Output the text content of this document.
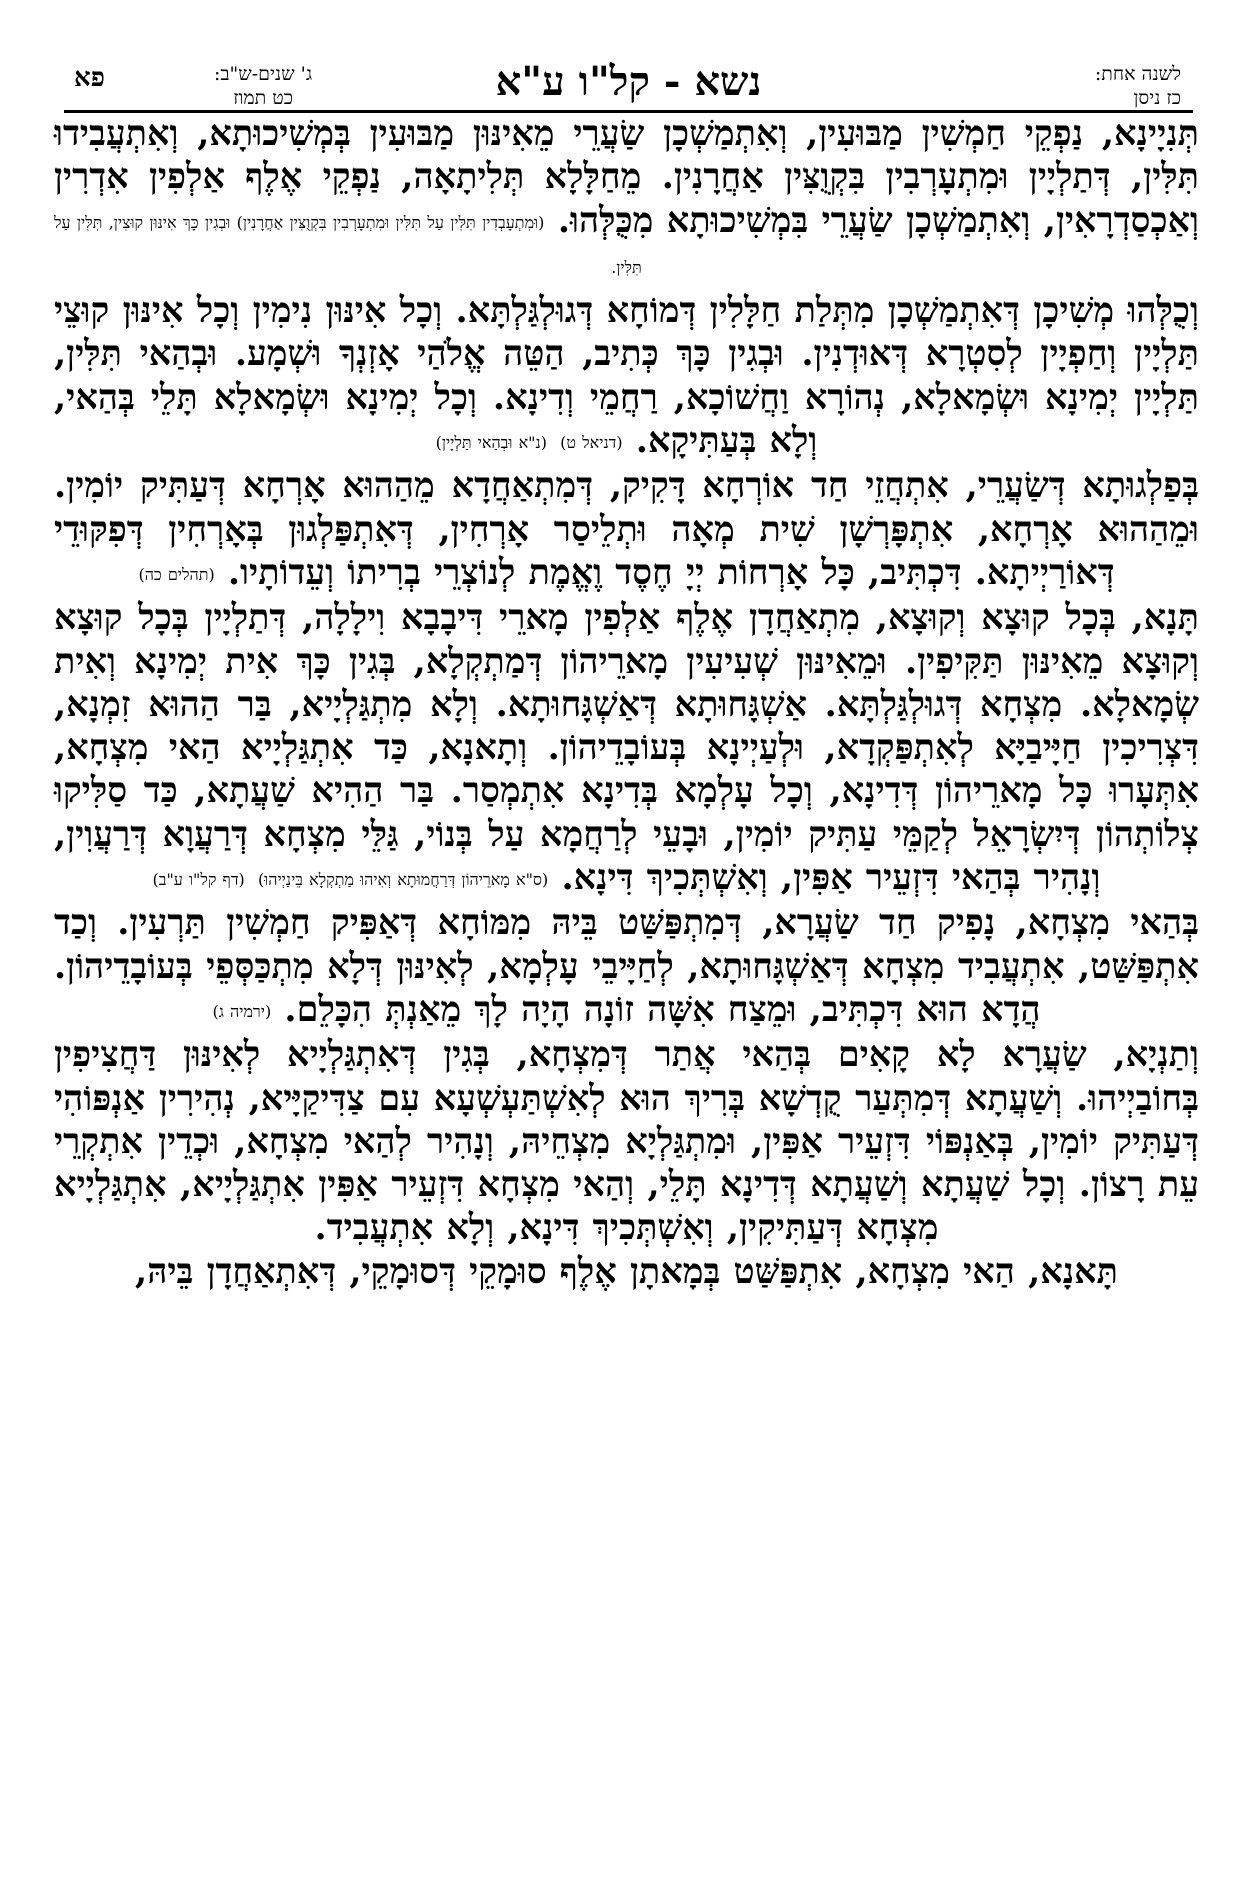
לשנה אחת:
כז ניסן
נשא - קל"ו ע"א
ג' שנים-ש"ב:
כט תמוז
פא

תְּנִיָינָא, נַפְקֵי חַמְשִׁין מַבּוּעִין, וְאִתְמַשְׁכָן שַׂעֲרֵי מֵאִינּוּן מַבּוּעִין בְּמְשִׁיכוּתָא, וְאִתְעֲבִידוּ תִּלִּין, דְּתַלְיָין וּמִתְעָרְבִין בִּקְוֻצִּין אַחֲרָנִין. מֵחַלָּלָא תְּלִיתָאָה, נַפְקֵי אֶלֶף אַלְפִין אִדְרִין וְאַכְסַדְרָאִין, וְאִתְמַשְׁכָן שַׂעֲרֵי בִּמְשִׁיכוּתָא מִכֻּלְּהוּ. (וּמִתְעָבְדִין תִּלִּין עַל תִּלִּין וּמִתְעָרְבִין בִּקְוֻצִּין אַחֲרָנִין) וּבְגִין כָּךְ אִינּוּן קוּצִין, תִּלִּין עַל תִּלִּין.

וְכֻלְּהוּ מְשִׁיכָן דְּאִתְמַשְׁכָן מִתְּלַת חַלָּלִין דְּמוֹחָא דְּגוּלְגַּלְתָּא. וְכָל אִינּוּן נִימִין וְכָל אִינּוּן קוּצֵי תַּלְיָין וְחַפְיָין לְסִטְרָא דְּאוּדְנִין. וּבְגִין כָּךְ כְּתִיב, הַטֵּה אֱלֹהַי אָזְנְךָ וּשְׁמָע. וּבְהַאי תִּלִּין, תַּלְיָין יְמִינָא וּשְׂמָאלָא, נְהוֹרָא וַחֲשׁוֹכָא, רַחֲמֵי וְדִינָא. וְכָל יְמִינָא וּשְׂמָאלָא תָּלֵי בְּהַאי, וְלָא בְּעַתִּיקָא. (דניאל ט) (נ"א וּבְהַאי תַּלְיָין)

בְּפַלְגוּתָא דְּשַׂעֲרֵי, אִתְחֲזֵי חַד אוֹרְחָא דָּקִיק, דְּמִתְאַחֲדָא מֵהַהוּא אָרְחָא דְּעַתִּיק יוֹמִין. וּמֵהַהוּא אָרְחָא, אִתְפָּרְשָׁן שִׁית מְאָה וּתְלֵיסַר אָרְחִין, דְּאִתְפַּלְגוּן בְּאָרְחִין דְּפִקּוּדֵי דְּאוֹרַיְיתָא. דִּכְתִּיב, כָּל אָרְחוֹת יְיָ חֶסֶד וֶאֱמֶת לְנוֹצְרֵי בְרִיתוֹ וְעֵדוֹתָיו. (תהלים כה)

תָּנָא, בְּכָל קוּצָא וְקוּצָא, מִתְאַחֲדָן אֶלֶף אַלְפִין מָארֵי דִּיבָבָא וִילָלָה, דְּתַלְיָין בְּכָל קוּצָא וְקוּצָא מֵאִינּוּן תַּקִּיפִין. וּמֵאִינּוּן שְׁעִיעִין מָארֵיהוֹן דְּמַתְקְלָא, בְּגִין כָּךְ אִית יְמִינָא וְאִית שְׂמָאלָא. מִצְחָא דְּגוּלְגַּלְתָּא. אַשְׁגָּחוּתָא דְּאַשְׁגָּחוּתָא. וְלָא מִתְגַּלְיָיא, בַּר הַהוּא זִמְנָא, דִּצְרִיכִין חַיָּיבַיָּא לְאִתְפַּקְדָא, וּלְעַיְינָא בְּעוֹבָדֵיהוֹן. וְתָאנָא, כַּד אִתְגַּלְיָיא הַאי מִצְחָא, אִתְּעָרוּ כָּל מָארֵיהוֹן דְּדִינָא, וְכָל עָלְמָא בְּדִינָא אִתְמְסַר. בַּר הַהִיא שַׁעֲתָא, כַּד סַלִּיקוּ צְלוֹתְהוֹן דְּיִשְׂרָאֵל לְקַמֵּי עַתִּיק יוֹמִין, וּבָעֵי לְרַחֲמָא עַל בְּנוֹי, גַּלֵּי מִצְחָא דְּרַעֲוָא דְּרַעֲוִין, וְנָהִיר בְּהַאי דִּזְעֵיר אַפִּין, וְאִשְׁתְּכִיךְ דִּינָא. (ס"א מָארֵיהוֹן דְּרַחֲמוּתָא וְאִיהוּ מַתְקְלָא בֵּינַיְיהוּ) (דף קל"ו ע"ב)

בְּהַאי מִצְחָא, נָפִיק חַד שַׂעֲרָא, דְּמִתְפַּשַּׁט בֵּיהּ מִמּוֹחָא דְּאַפִּיק חַמְשִׁין תַּרְעִין. וְכַד אִתְפַּשַּׁט, אִתְעֲבִיד מִצְחָא דְּאַשְׁגָּחוּתָא, לְחַיָּיבֵי עָלְמָא, לְאִינּוּן דְּלָא מִתְכַּסְּפֵי בְּעוֹבָדֵיהוֹן. הֲדָא הוּא דִּכְתִּיב, וּמֵצַח אִשָּׁה זוֹנָה הָיָה לָךְ מֵאַנְתְּ הִכָּלֵם. (ירמיה ג)

וְתַנְיָא, שַׂעֲרָא לָא קָאִים בְּהַאי אֲתַר דְּמִצְחָא, בְּגִין דְּאִתְגַּלְיָיא לְאִינּוּן דַּחֲצִיפִין בְּחוֹבַיְיהוּ. וְשַׁעֲתָא דְּמִתְּעַר קֻדְשָׁא בְּרִיךְ הוּא לְאִשְׁתַּעְשְׁעָא עִם צַדִּיקַיָּיא, נְהִירִין אַנְפּוֹהִי דְּעַתִּיק יוֹמִין, בְּאַנְפּוֹי דִּזְעֵיר אַפִּין, וּמִתְגַּלְיָא מִצְחֵיהּ, וְנָהִיר לְהַאי מִצְחָא, וּכְדֵין אִתְקְרֵי עֵת רָצוֹן. וְכָל שַׁעֲתָא וְשַׁעֲתָא דְּדִינָא תָּלֵי, וְהַאי מִצְחָא דִּזְעֵיר אַפִּין אִתְגַּלְיָיא, אִתְגַּלְיָיא מִצְחָא דְּעַתִּיקִין, וְאִשְׁתְּכִיךְ דִּינָא, וְלָא אִתְעֲבִיד.

תָּאנָא, הַאי מִצְחָא, אִתְפַּשַּׁט בְּמָאתָן אֶלֶף סוּמָקֵי דְּסוּמָקֵי, דְּאִתְאַחֲדָן בֵּיהּ,
